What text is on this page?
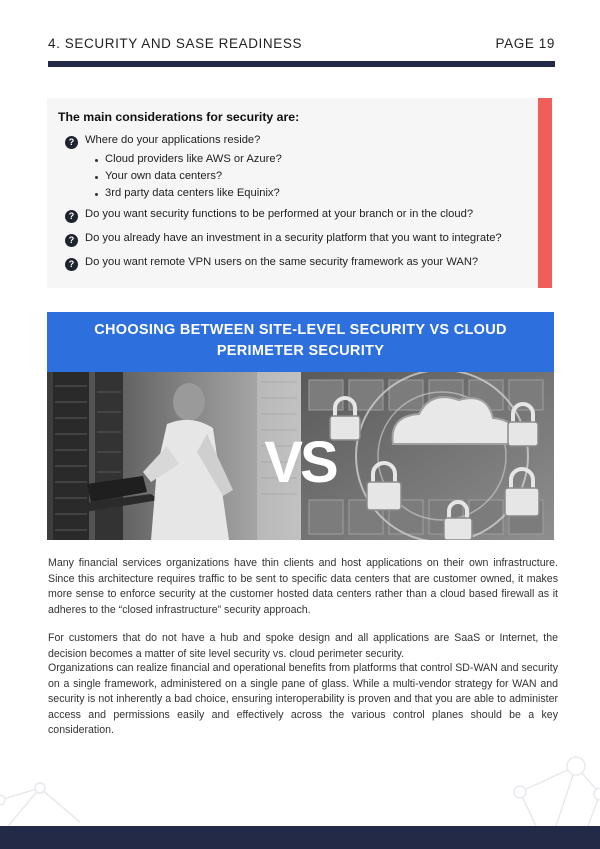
4. SECURITY AND SASE READINESS	PAGE 19
The main considerations for security are:
? Where do your applications reside?
Cloud providers like AWS or Azure?
Your own data centers?
3rd party data centers like Equinix?
? Do you want security functions to be performed at your branch or in the cloud?
? Do you already have an investment in a security platform that you want to integrate?
? Do you want remote VPN users on the same security framework as your WAN?
CHOOSING BETWEEN SITE-LEVEL SECURITY VS CLOUD
PERIMETER SECURITY
VS

Many financial services organizations have thin clients and host applications on their own infrastructure. Since this architecture requires traffic to be sent to specific data centers that are customer owned, it makes more sense to enforce security at the customer hosted data centers rather than a cloud based firewall as it adheres to the “closed infrastructure” security approach.

For customers that do not have a hub and spoke design and all applications are SaaS or Internet, the decision becomes a matter of site level security vs. cloud perimeter security.

Organizations can realize financial and operational benefits from platforms that control SD-WAN and security on a single framework, administered on a single pane of glass. While a multi-vendor strategy for WAN and security is not inherently a bad choice, ensuring interoperability is proven and that you are able to administer access and permissions easily and effectively across the various control planes should be a key consideration.
